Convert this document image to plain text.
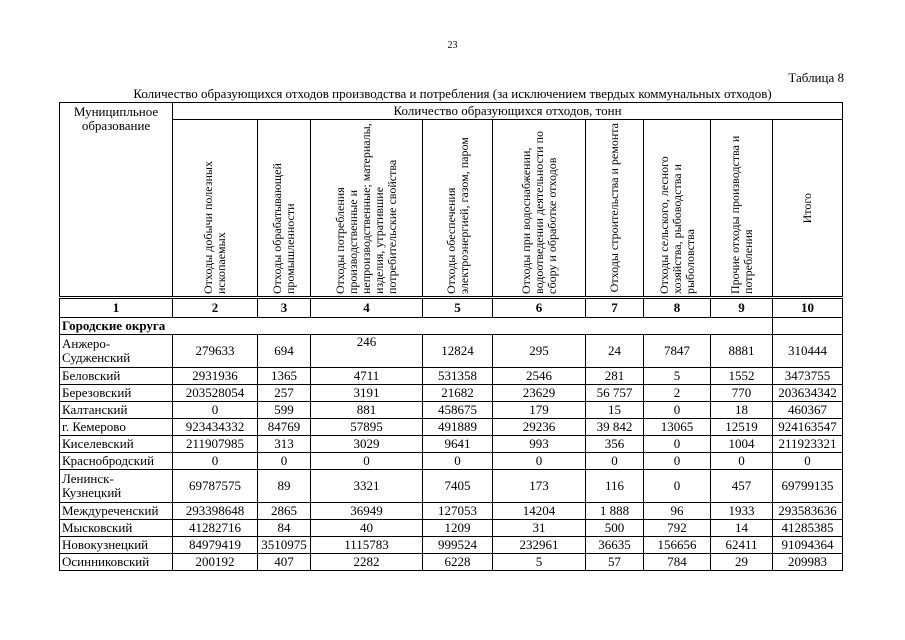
23
Таблица 8
Количество образующихся отходов производства и потребления (за исключением твердых коммунальных отходов)
Муниципльное образование	Количество образующихся отходов, тонн								

	Отходы добычи полезных ископаемых	Отходы обрабатывающей промышленности	Отходы потребления производственные и непроизводственные; материалы, изделия, утратившие потребительские свойства	Отходы обеспечения электроэнергией, газом, паром	Отходы при водоснабжении, водоотведении деятельности по сбору и обработке отходов	Отходы строительства и ремонта	Отходы сельского, лесного хозяйства, рыбоводства и рыболовства	Прочие отходы производства и потребления	Итого

1	2	3	4	5	6	7	8	9	10
Городские округа									
Анжеро-Судженский	279633	694	246	12824	295	24	7847	8881	310444
Беловский	2931936	1365	4711	531358	2546	281	5	1552	3473755
Березовский	203528054	257	3191	21682	23629	56 757	2	770	203634342
Калтанский	0	599	881	458675	179	15	0	18	460367
г. Кемерово	923434332	84769	57895	491889	29236	39 842	13065	12519	924163547
Киселевский	211907985	313	3029	9641	993	356	0	1004	211923321
Краснобродский	0	0	0	0	0	0	0	0	0
Ленинск-Кузнецкий	69787575	89	3321	7405	173	116	0	457	69799135
Междуреченский	293398648	2865	36949	127053	14204	1 888	96	1933	293583636
Мысковский	41282716	84	40	1209	31	500	792	14	41285385
Новокузнецкий	84979419	3510975	1115783	999524	232961	36635	156656	62411	91094364
Осинниковский	200192	407	2282	6228	5	57	784	29	209983
